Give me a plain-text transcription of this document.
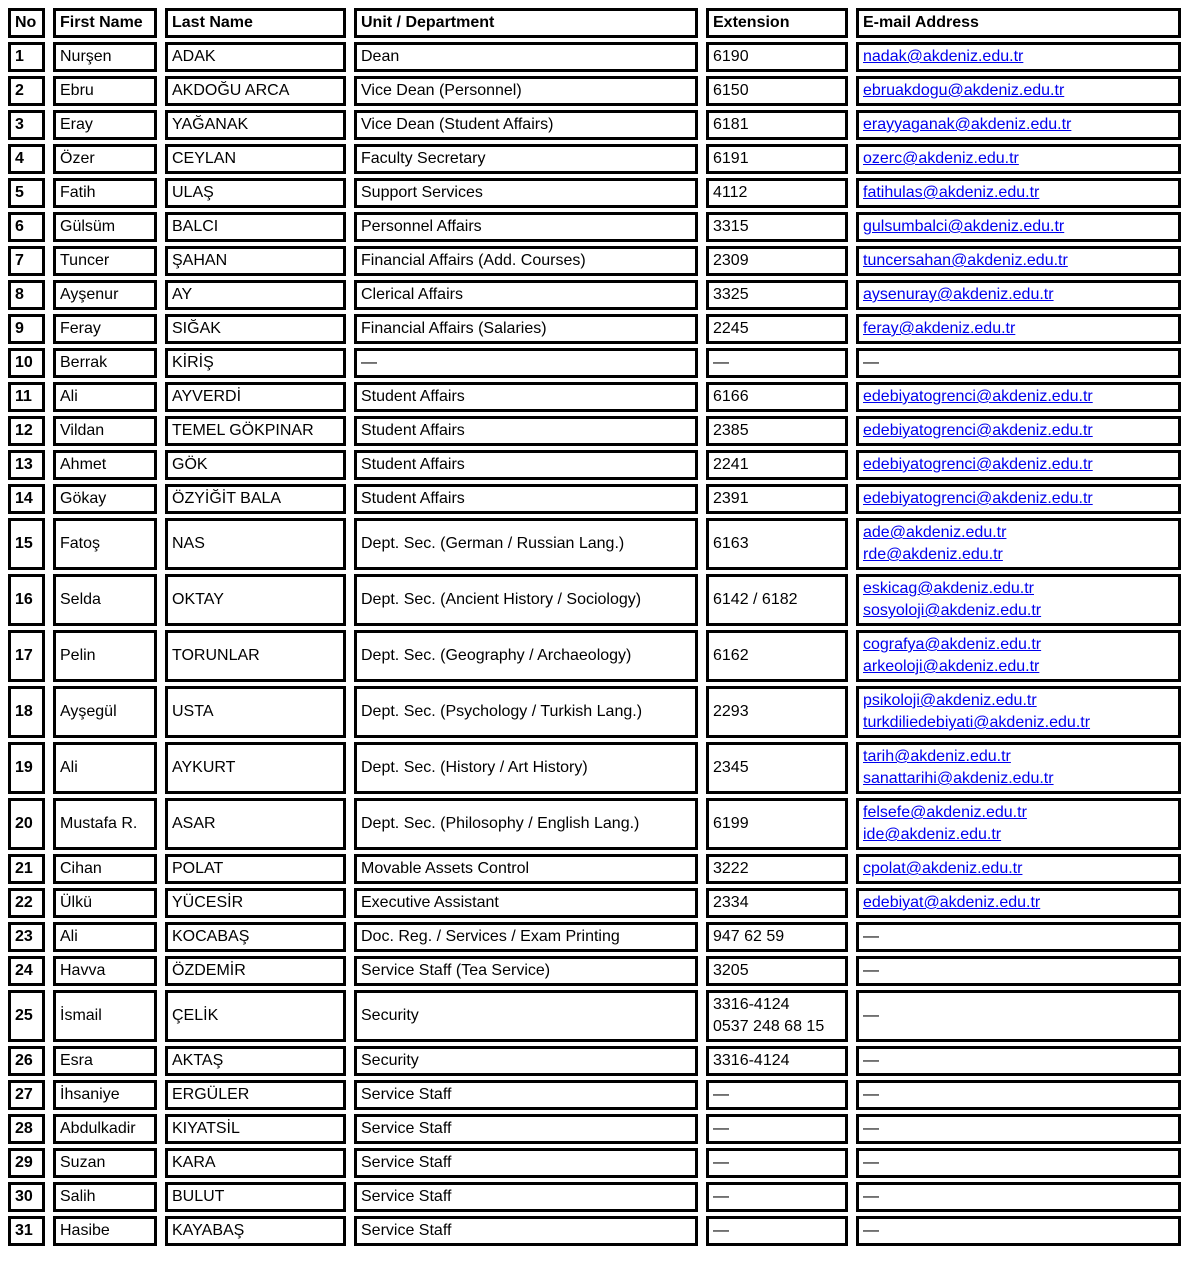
No	First Name	Last Name	Unit / Department	Extension	E-mail Address
1	Nurşen	ADAK	Dean	6190	nadak@akdeniz.edu.tr
2	Ebru	AKDOĞU ARCA	Vice Dean (Personnel)	6150	ebruakdogu@akdeniz.edu.tr
3	Eray	YAĞANAK	Vice Dean (Student Affairs)	6181	erayyaganak@akdeniz.edu.tr
4	Özer	CEYLAN	Faculty Secretary	6191	ozerc@akdeniz.edu.tr
5	Fatih	ULAŞ	Support Services	4112	fatihulas@akdeniz.edu.tr
6	Gülsüm	BALCI	Personnel Affairs	3315	gulsumbalci@akdeniz.edu.tr
7	Tuncer	ŞAHAN	Financial Affairs (Add. Courses)	2309	tuncersahan@akdeniz.edu.tr
8	Ayşenur	AY	Clerical Affairs	3325	aysenuray@akdeniz.edu.tr
9	Feray	SIĞAK	Financial Affairs (Salaries)	2245	feray@akdeniz.edu.tr
10	Berrak	KİRİŞ	—	—	—
11	Ali	AYVERDİ	Student Affairs	6166	edebiyatogrenci@akdeniz.edu.tr
12	Vildan	TEMEL GÖKPINAR	Student Affairs	2385	edebiyatogrenci@akdeniz.edu.tr
13	Ahmet	GÖK	Student Affairs	2241	edebiyatogrenci@akdeniz.edu.tr
14	Gökay	ÖZYİĞİT BALA	Student Affairs	2391	edebiyatogrenci@akdeniz.edu.tr
15	Fatoş	NAS	Dept. Sec. (German / Russian Lang.)	6163	ade@akdeniz.edu.tr
rde@akdeniz.edu.tr
16	Selda	OKTAY	Dept. Sec. (Ancient History / Sociology)	6142 / 6182	eskicag@akdeniz.edu.tr
sosyoloji@akdeniz.edu.tr
17	Pelin	TORUNLAR	Dept. Sec. (Geography / Archaeology)	6162	cografya@akdeniz.edu.tr
arkeoloji@akdeniz.edu.tr
18	Ayşegül	USTA	Dept. Sec. (Psychology / Turkish Lang.)	2293	psikoloji@akdeniz.edu.tr
turkdiliedebiyati@akdeniz.edu.tr
19	Ali	AYKURT	Dept. Sec. (History / Art History)	2345	tarih@akdeniz.edu.tr
sanattarihi@akdeniz.edu.tr
20	Mustafa R.	ASAR	Dept. Sec. (Philosophy / English Lang.)	6199	felsefe@akdeniz.edu.tr
ide@akdeniz.edu.tr
21	Cihan	POLAT	Movable Assets Control	3222	cpolat@akdeniz.edu.tr
22	Ülkü	YÜCESİR	Executive Assistant	2334	edebiyat@akdeniz.edu.tr
23	Ali	KOCABAŞ	Doc. Reg. / Services / Exam Printing	947 62 59	—
24	Havva	ÖZDEMİR	Service Staff (Tea Service)	3205	—
25	İsmail	ÇELİK	Security	3316-4124
0537 248 68 15	—
26	Esra	AKTAŞ	Security	3316-4124	—
27	İhsaniye	ERGÜLER	Service Staff	—	—
28	Abdulkadir	KIYATSİL	Service Staff	—	—
29	Suzan	KARA	Service Staff	—	—
30	Salih	BULUT	Service Staff	—	—
31	Hasibe	KAYABAŞ	Service Staff	—	—
